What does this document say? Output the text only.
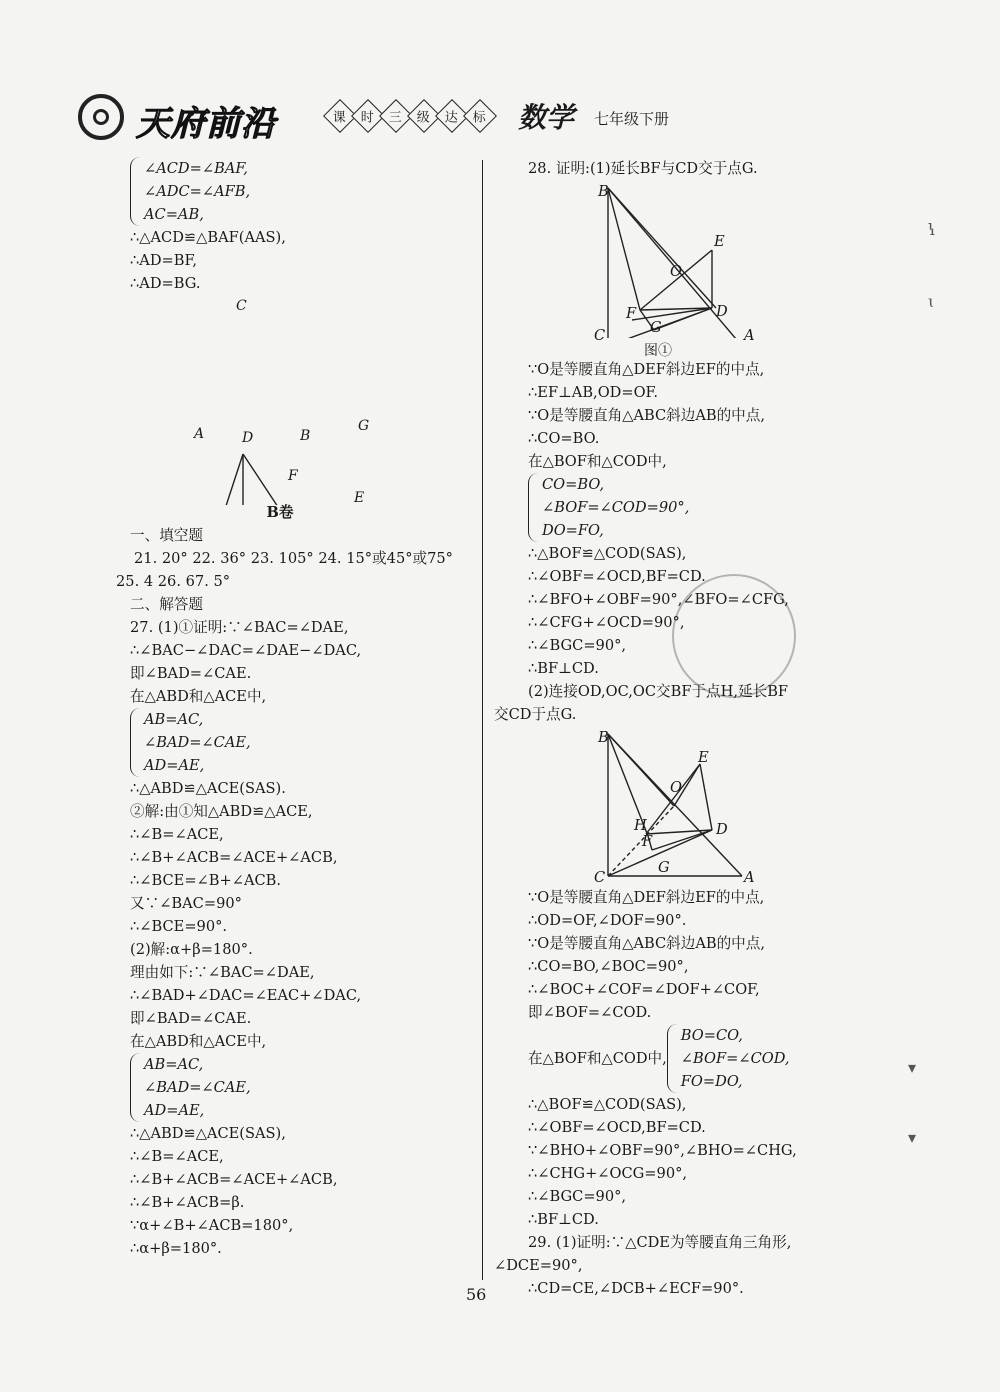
天府前沿	课 时 三 级 达 标 数学 七年级下册
∠ACD=∠BAF,
∠ADC=∠AFB,
AC=AB,
∴△ACD≌△BAF(AAS),
∴AD=BF,
∴AD=BG.
C
A	D	B
G
F
E
B卷
一、填空题
21. 20° 22. 36° 23. 105° 24. 15°或45°或75°
25. 4 26. 67. 5°
二、解答题
27. (1)①证明:∵∠BAC=∠DAE,
∴∠BAC−∠DAC=∠DAE−∠DAC,
即∠BAD=∠CAE.
在△ABD和△ACE中,
AB=AC,
∠BAD=∠CAE,
AD=AE,
∴△ABD≌△ACE(SAS).
②解:由①知△ABD≌△ACE,
∴∠B=∠ACE,
∴∠B+∠ACB=∠ACE+∠ACB,
∴∠BCE=∠B+∠ACB.
又∵∠BAC=90°
∴∠BCE=90°.
(2)解:α+β=180°.
理由如下:∵∠BAC=∠DAE,
∴∠BAD+∠DAC=∠EAC+∠DAC,
即∠BAD=∠CAE.
在△ABD和△ACE中,
AB=AC,
∠BAD=∠CAE,
AD=AE,
∴△ABD≌△ACE(SAS),
∴∠B=∠ACE,
∴∠B+∠ACB=∠ACE+∠ACB,
∴∠B+∠ACB=β.
∵α+∠B+∠ACB=180°,
∴α+β=180°.
28. 证明:(1)延长BF与CD交于点G.
B
E
O
F	D
C	G	A
图①
∵O是等腰直角△DEF斜边EF的中点,
∴EF⊥AB,OD=OF.
∵O是等腰直角△ABC斜边AB的中点,
∴CO=BO.
在△BOF和△COD中,
CO=BO,
∠BOF=∠COD=90°,
DO=FO,
∴△BOF≌△COD(SAS),
∴∠OBF=∠OCD,BF=CD.
∴∠BFO+∠OBF=90°,∠BFO=∠CFG,
∴∠CFG+∠OCD=90°,
∴∠BGC=90°,
∴BF⊥CD.
(2)连接OD,OC,OC交BF于点H,延长BF
交CD于点G.
B
E
O
H
F
D
C
G
A
∵O是等腰直角△DEF斜边EF的中点,
∴OD=OF,∠DOF=90°.
∵O是等腰直角△ABC斜边AB的中点,
∴CO=BO,∠BOC=90°,
∴∠BOC+∠COF=∠DOF+∠COF,
即∠BOF=∠COD.
在△BOF和△COD中,
BO=CO,
∠BOF=∠COD,
FO=DO,
∴△BOF≌△COD(SAS),
∴∠OBF=∠OCD,BF=CD.
∵∠BHO+∠OBF=90°,∠BHO=∠CHG,
∴∠CHG+∠OCG=90°,
∴∠BGC=90°,
∴BF⊥CD.
29. (1)证明:∵△CDE为等腰直角三角形,
∠DCE=90°,
∴CD=CE,∠DCB+∠ECF=90°.
ꝇ
ɩ
▾
▾
56
